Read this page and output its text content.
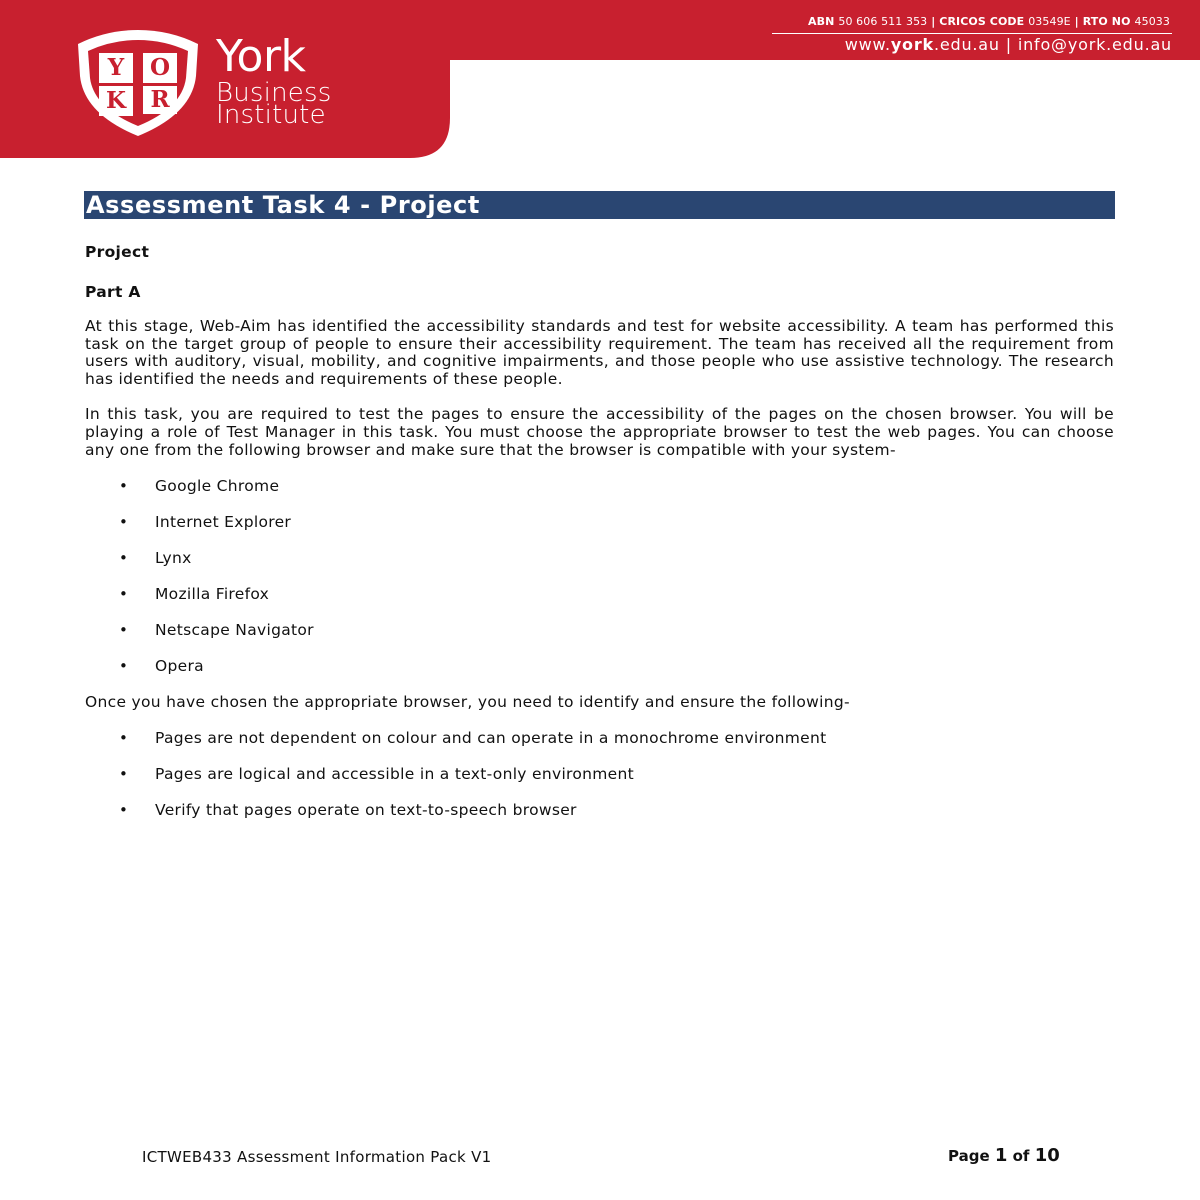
ABN 50 606 511 353 | CRICOS CODE 03549E | RTO NO 45033
www.york.edu.au | info@york.edu.au
Y O
K R
York
Business
Institute
Assessment Task 4 - Project

Project

Part A

At this stage, Web-Aim has identified the accessibility standards and test for website accessibility. A team has performed this task on the target group of people to ensure their accessibility requirement. The team has received all the requirement from users with auditory, visual, mobility, and cognitive impairments, and those people who use assistive technology. The research has identified the needs and requirements of these people.

In this task, you are required to test the pages to ensure the accessibility of the pages on the chosen browser. You will be playing a role of Test Manager in this task. You must choose the appropriate browser to test the web pages. You can choose any one from the following browser and make sure that the browser is compatible with your system-

• Google Chrome
• Internet Explorer
• Lynx
• Mozilla Firefox
• Netscape Navigator
• Opera

Once you have chosen the appropriate browser, you need to identify and ensure the following-

• Pages are not dependent on colour and can operate in a monochrome environment
• Pages are logical and accessible in a text-only environment
• Verify that pages operate on text-to-speech browser
ICTWEB433 Assessment Information Pack V1	Page 1 of 10
